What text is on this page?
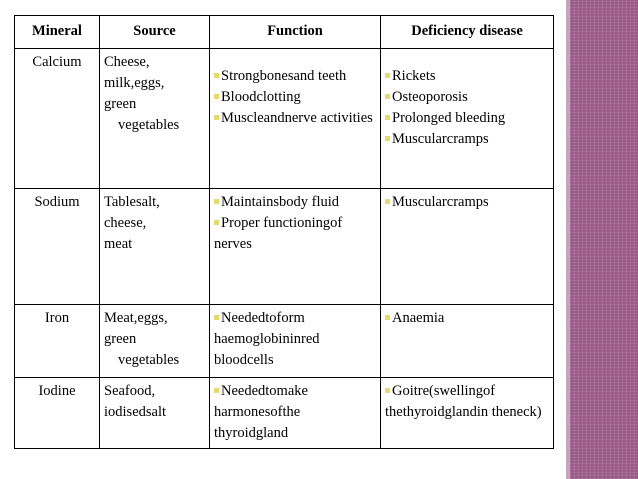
Mineral	Source	Function	Deficiency disease
Calcium	Cheese,
milk,eggs,
green
vegetables	Strongbonesand teeth
Bloodclotting
Muscleandnerve activities	Rickets
Osteoporosis
Prolonged bleeding
Muscularcramps

Sodium	Tablesalt,
cheese,
meat	Maintainsbody fluid
Proper functioningof nerves	Muscularcramps

Iron	Meat,eggs,
green
vegetables	Neededtoform haemoglobininred bloodcells	Anaemia

Iodine	Seafood,
iodisedsalt	Neededtomake harmonesofthe thyroidgland	Goitre(swellingof thethyroidglandin theneck)
